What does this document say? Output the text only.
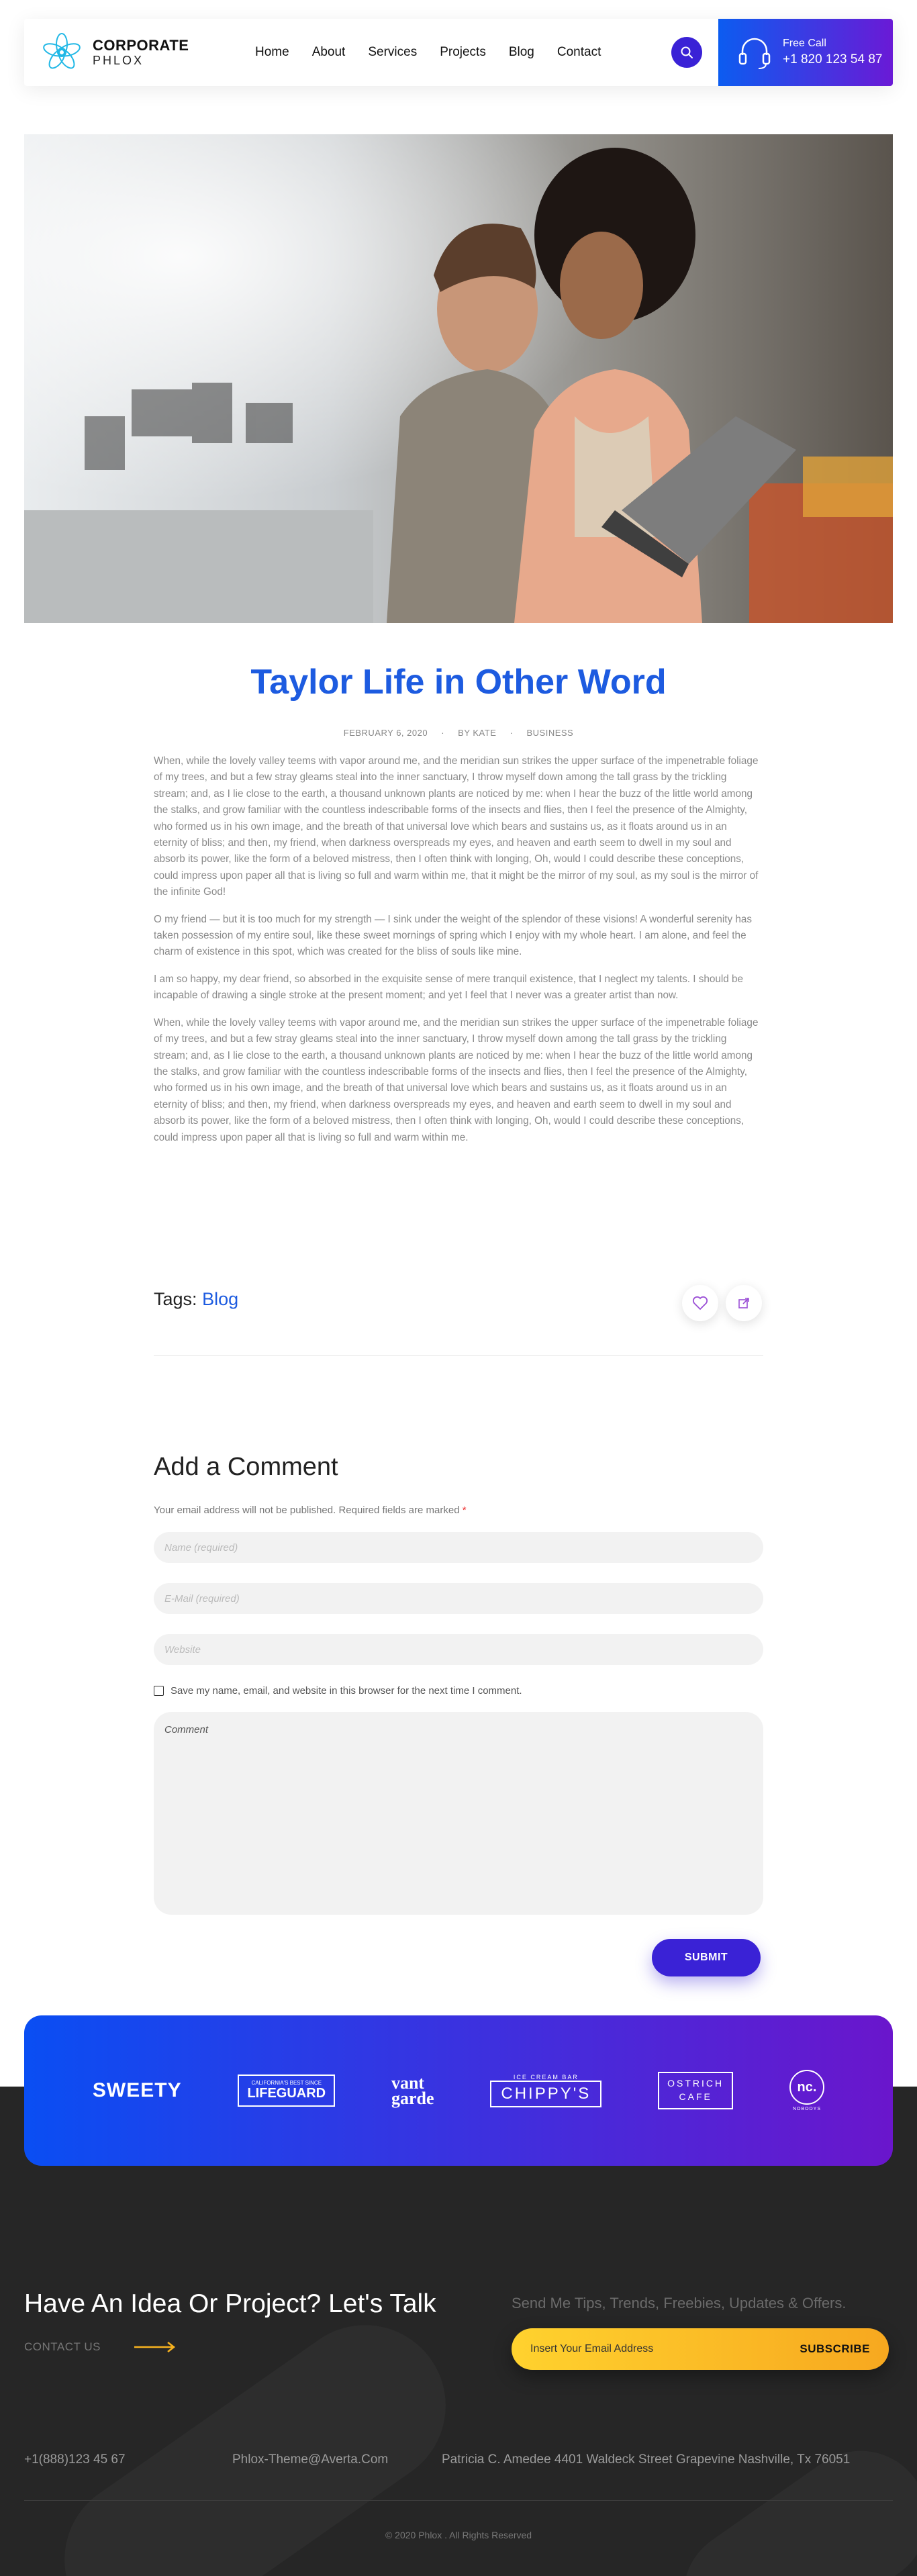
CORPORATE
PHLOX
Home About Services Projects Blog Contact
Free Call
+1 820 123 54 87
Taylor Life in Other Word
FEBRUARY 6, 2020 · BY KATE · BUSINESS

When, while the lovely valley teems with vapor around me, and the meridian sun strikes the upper surface of the impenetrable foliage of my trees, and but a few stray gleams steal into the inner sanctuary, I throw myself down among the tall grass by the trickling stream; and, as I lie close to the earth, a thousand unknown plants are noticed by me: when I hear the buzz of the little world among the stalks, and grow familiar with the countless indescribable forms of the insects and flies, then I feel the presence of the Almighty, who formed us in his own image, and the breath of that universal love which bears and sustains us, as it floats around us in an eternity of bliss; and then, my friend, when darkness overspreads my eyes, and heaven and earth seem to dwell in my soul and absorb its power, like the form of a beloved mistress, then I often think with longing, Oh, would I could describe these conceptions, could impress upon paper all that is living so full and warm within me, that it might be the mirror of my soul, as my soul is the mirror of the infinite God!

O my friend — but it is too much for my strength — I sink under the weight of the splendor of these visions! A wonderful serenity has taken possession of my entire soul, like these sweet mornings of spring which I enjoy with my whole heart. I am alone, and feel the charm of existence in this spot, which was created for the bliss of souls like mine.

I am so happy, my dear friend, so absorbed in the exquisite sense of mere tranquil existence, that I neglect my talents. I should be incapable of drawing a single stroke at the present moment; and yet I feel that I never was a greater artist than now.

When, while the lovely valley teems with vapor around me, and the meridian sun strikes the upper surface of the impenetrable foliage of my trees, and but a few stray gleams steal into the inner sanctuary, I throw myself down among the tall grass by the trickling stream; and, as I lie close to the earth, a thousand unknown plants are noticed by me: when I hear the buzz of the little world among the stalks, and grow familiar with the countless indescribable forms of the insects and flies, then I feel the presence of the Almighty, who formed us in his own image, and the breath of that universal love which bears and sustains us, as it floats around us in an eternity of bliss; and then, my friend, when darkness overspreads my eyes, and heaven and earth seem to dwell in my soul and absorb its power, like the form of a beloved mistress, then I often think with longing, Oh, would I could describe these conceptions, could impress upon paper all that is living so full and warm within me.

Tags: Blog
Add a Comment
Your email address will not be published. Required fields are marked *
Name (required)
E-Mail (required)
Website
Save my name, email, and website in this browser for the next time I comment.
Comment
SUBMIT
SWEETY	CALIFORNIA'S BEST SINCE
LIFEGUARD
vant
garde
ICE CREAM BAR
CHIPPY'S
OSTRICH
CAFE
nc.
NOBODYS
Have An Idea Or Project? Let's Talk
CONTACT US
Send Me Tips, Trends, Freebies, Updates & Offers.
Insert Your Email Address	SUBSCRIBE
+1(888)123 45 67	Phlox-Theme@Averta.Com	Patricia C. Amedee 4401 Waldeck Street Grapevine Nashville, Tx 76051
© 2020 Phlox . All Rights Reserved
